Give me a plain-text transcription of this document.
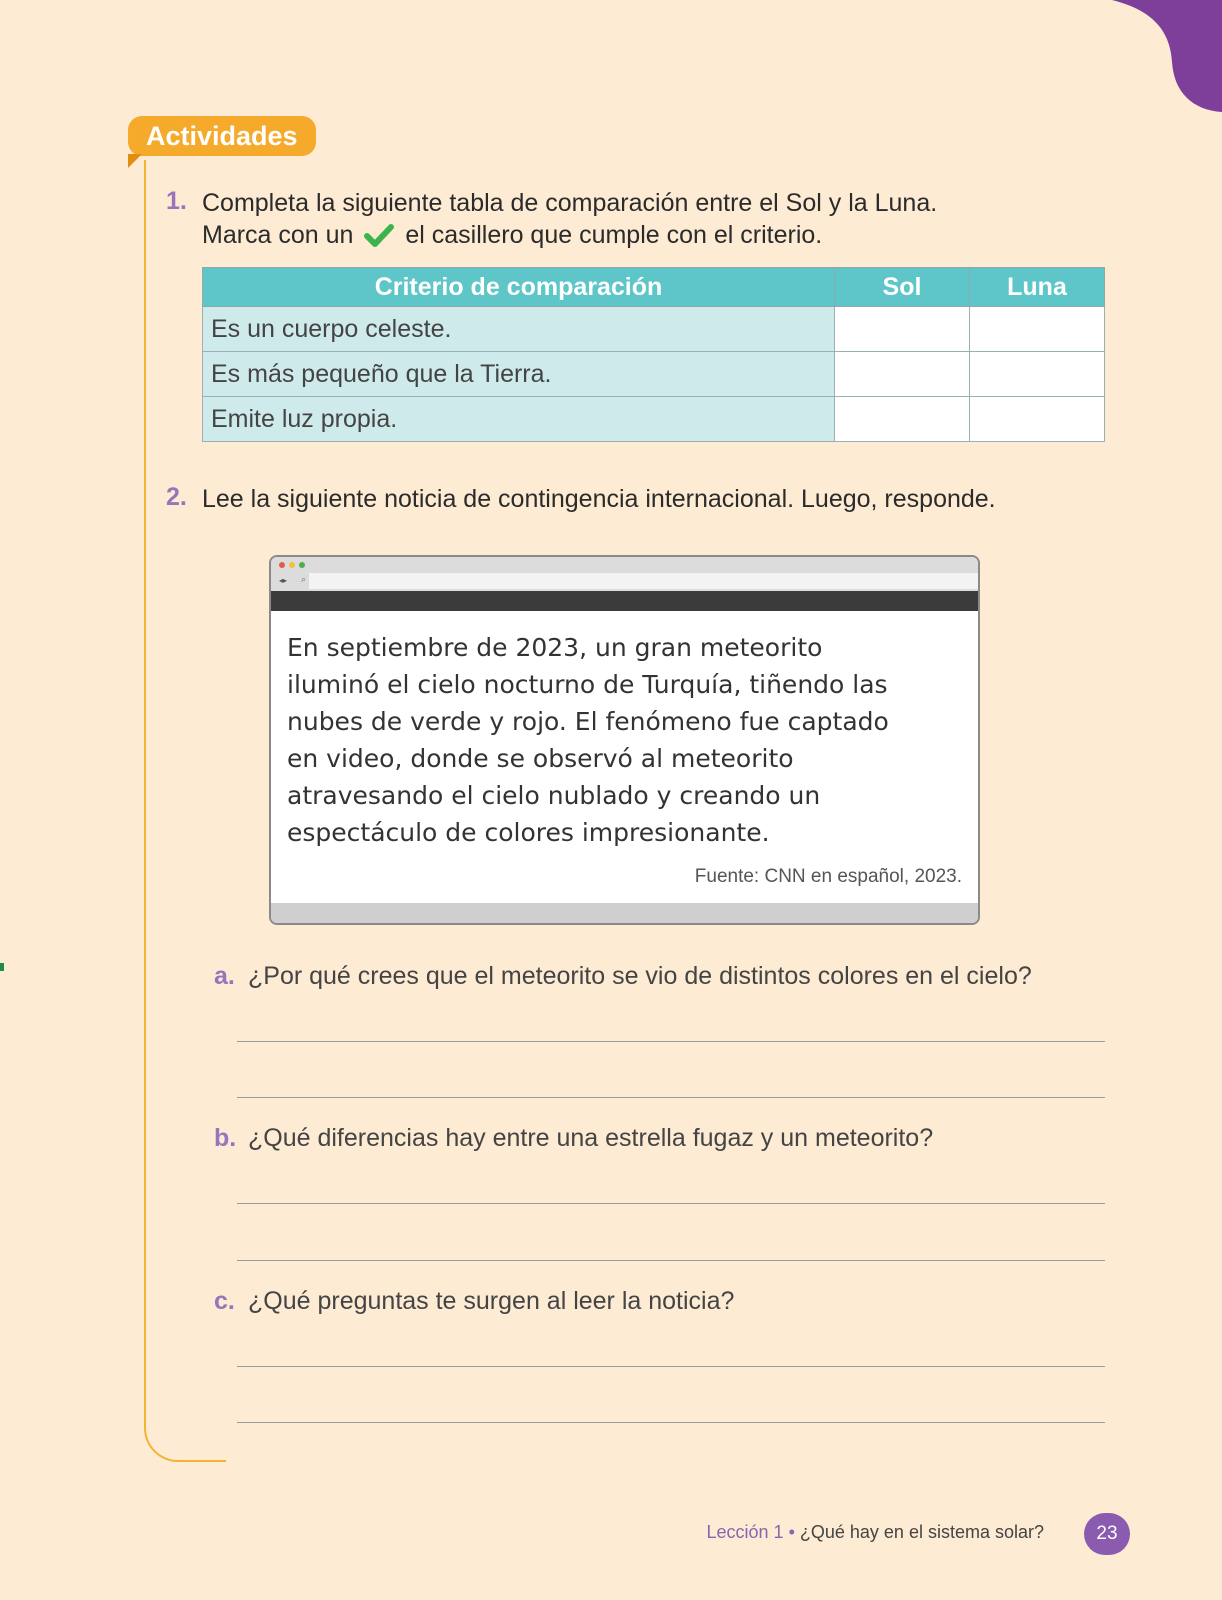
Actividades
1. Completa la siguiente tabla de comparación entre el Sol y la Luna.
Marca con un el casillero que cumple con el criterio.
Criterio de comparación	Sol	Luna
Es un cuerpo celeste.		
Es más pequeño que la Tierra.		
Emite luz propia.		
2. Lee la siguiente noticia de contingencia internacional. Luego, responde.
◂▸	⌕
En septiembre de 2023, un gran meteorito
iluminó el cielo nocturno de Turquía, tiñendo las
nubes de verde y rojo. El fenómeno fue captado
en video, donde se observó al meteorito
atravesando el cielo nublado y creando un
espectáculo de colores impresionante.
Fuente: CNN en español, 2023.
a. ¿Por qué crees que el meteorito se vio de distintos colores en el cielo?
b. ¿Qué diferencias hay entre una estrella fugaz y un meteorito?
c. ¿Qué preguntas te surgen al leer la noticia?
Lección 1 • ¿Qué hay en el sistema solar?	23
